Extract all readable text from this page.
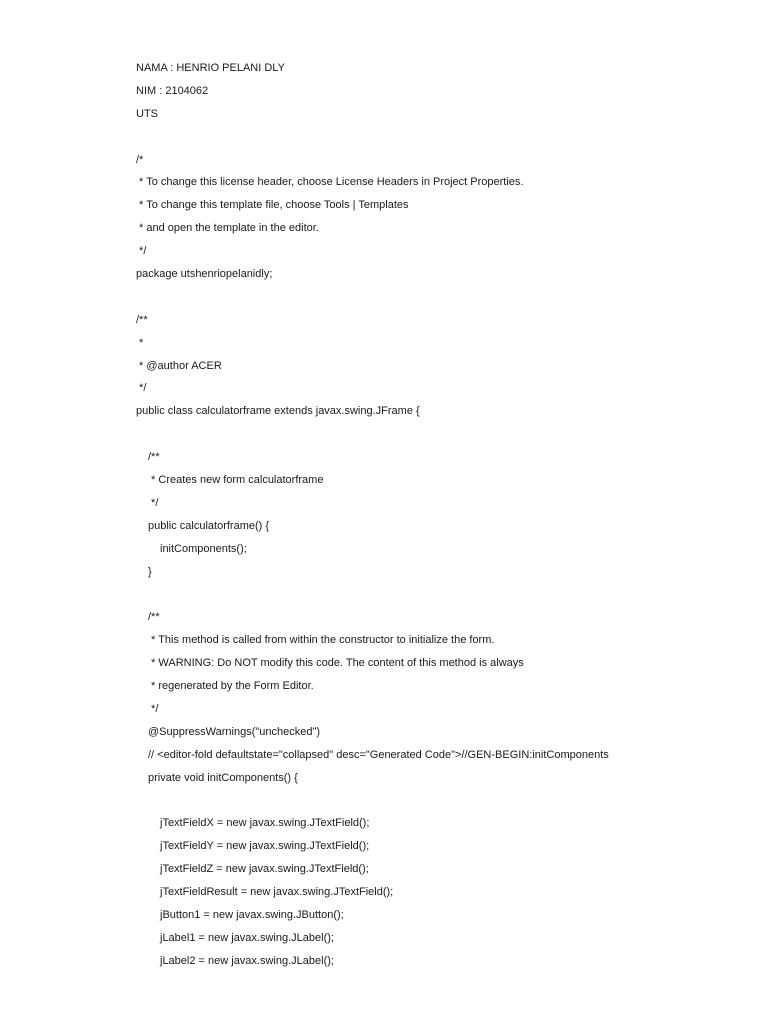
NAMA : HENRIO PELANI DLY
NIM : 2104062
UTS
/*
* To change this license header, choose License Headers in Project Properties.
* To change this template file, choose Tools | Templates
* and open the template in the editor.
*/
package utshenriopelanidly;
/**
*
* @author ACER
*/
public class calculatorframe extends javax.swing.JFrame {
/**
* Creates new form calculatorframe
*/
public calculatorframe() {
initComponents();
}
/**
* This method is called from within the constructor to initialize the form.
* WARNING: Do NOT modify this code. The content of this method is always
* regenerated by the Form Editor.
*/
@SuppressWarnings("unchecked")
// <editor-fold defaultstate="collapsed" desc="Generated Code">//GEN-BEGIN:initComponents
private void initComponents() {
jTextFieldX = new javax.swing.JTextField();
jTextFieldY = new javax.swing.JTextField();
jTextFieldZ = new javax.swing.JTextField();
jTextFieldResult = new javax.swing.JTextField();
jButton1 = new javax.swing.JButton();
jLabel1 = new javax.swing.JLabel();
jLabel2 = new javax.swing.JLabel();
